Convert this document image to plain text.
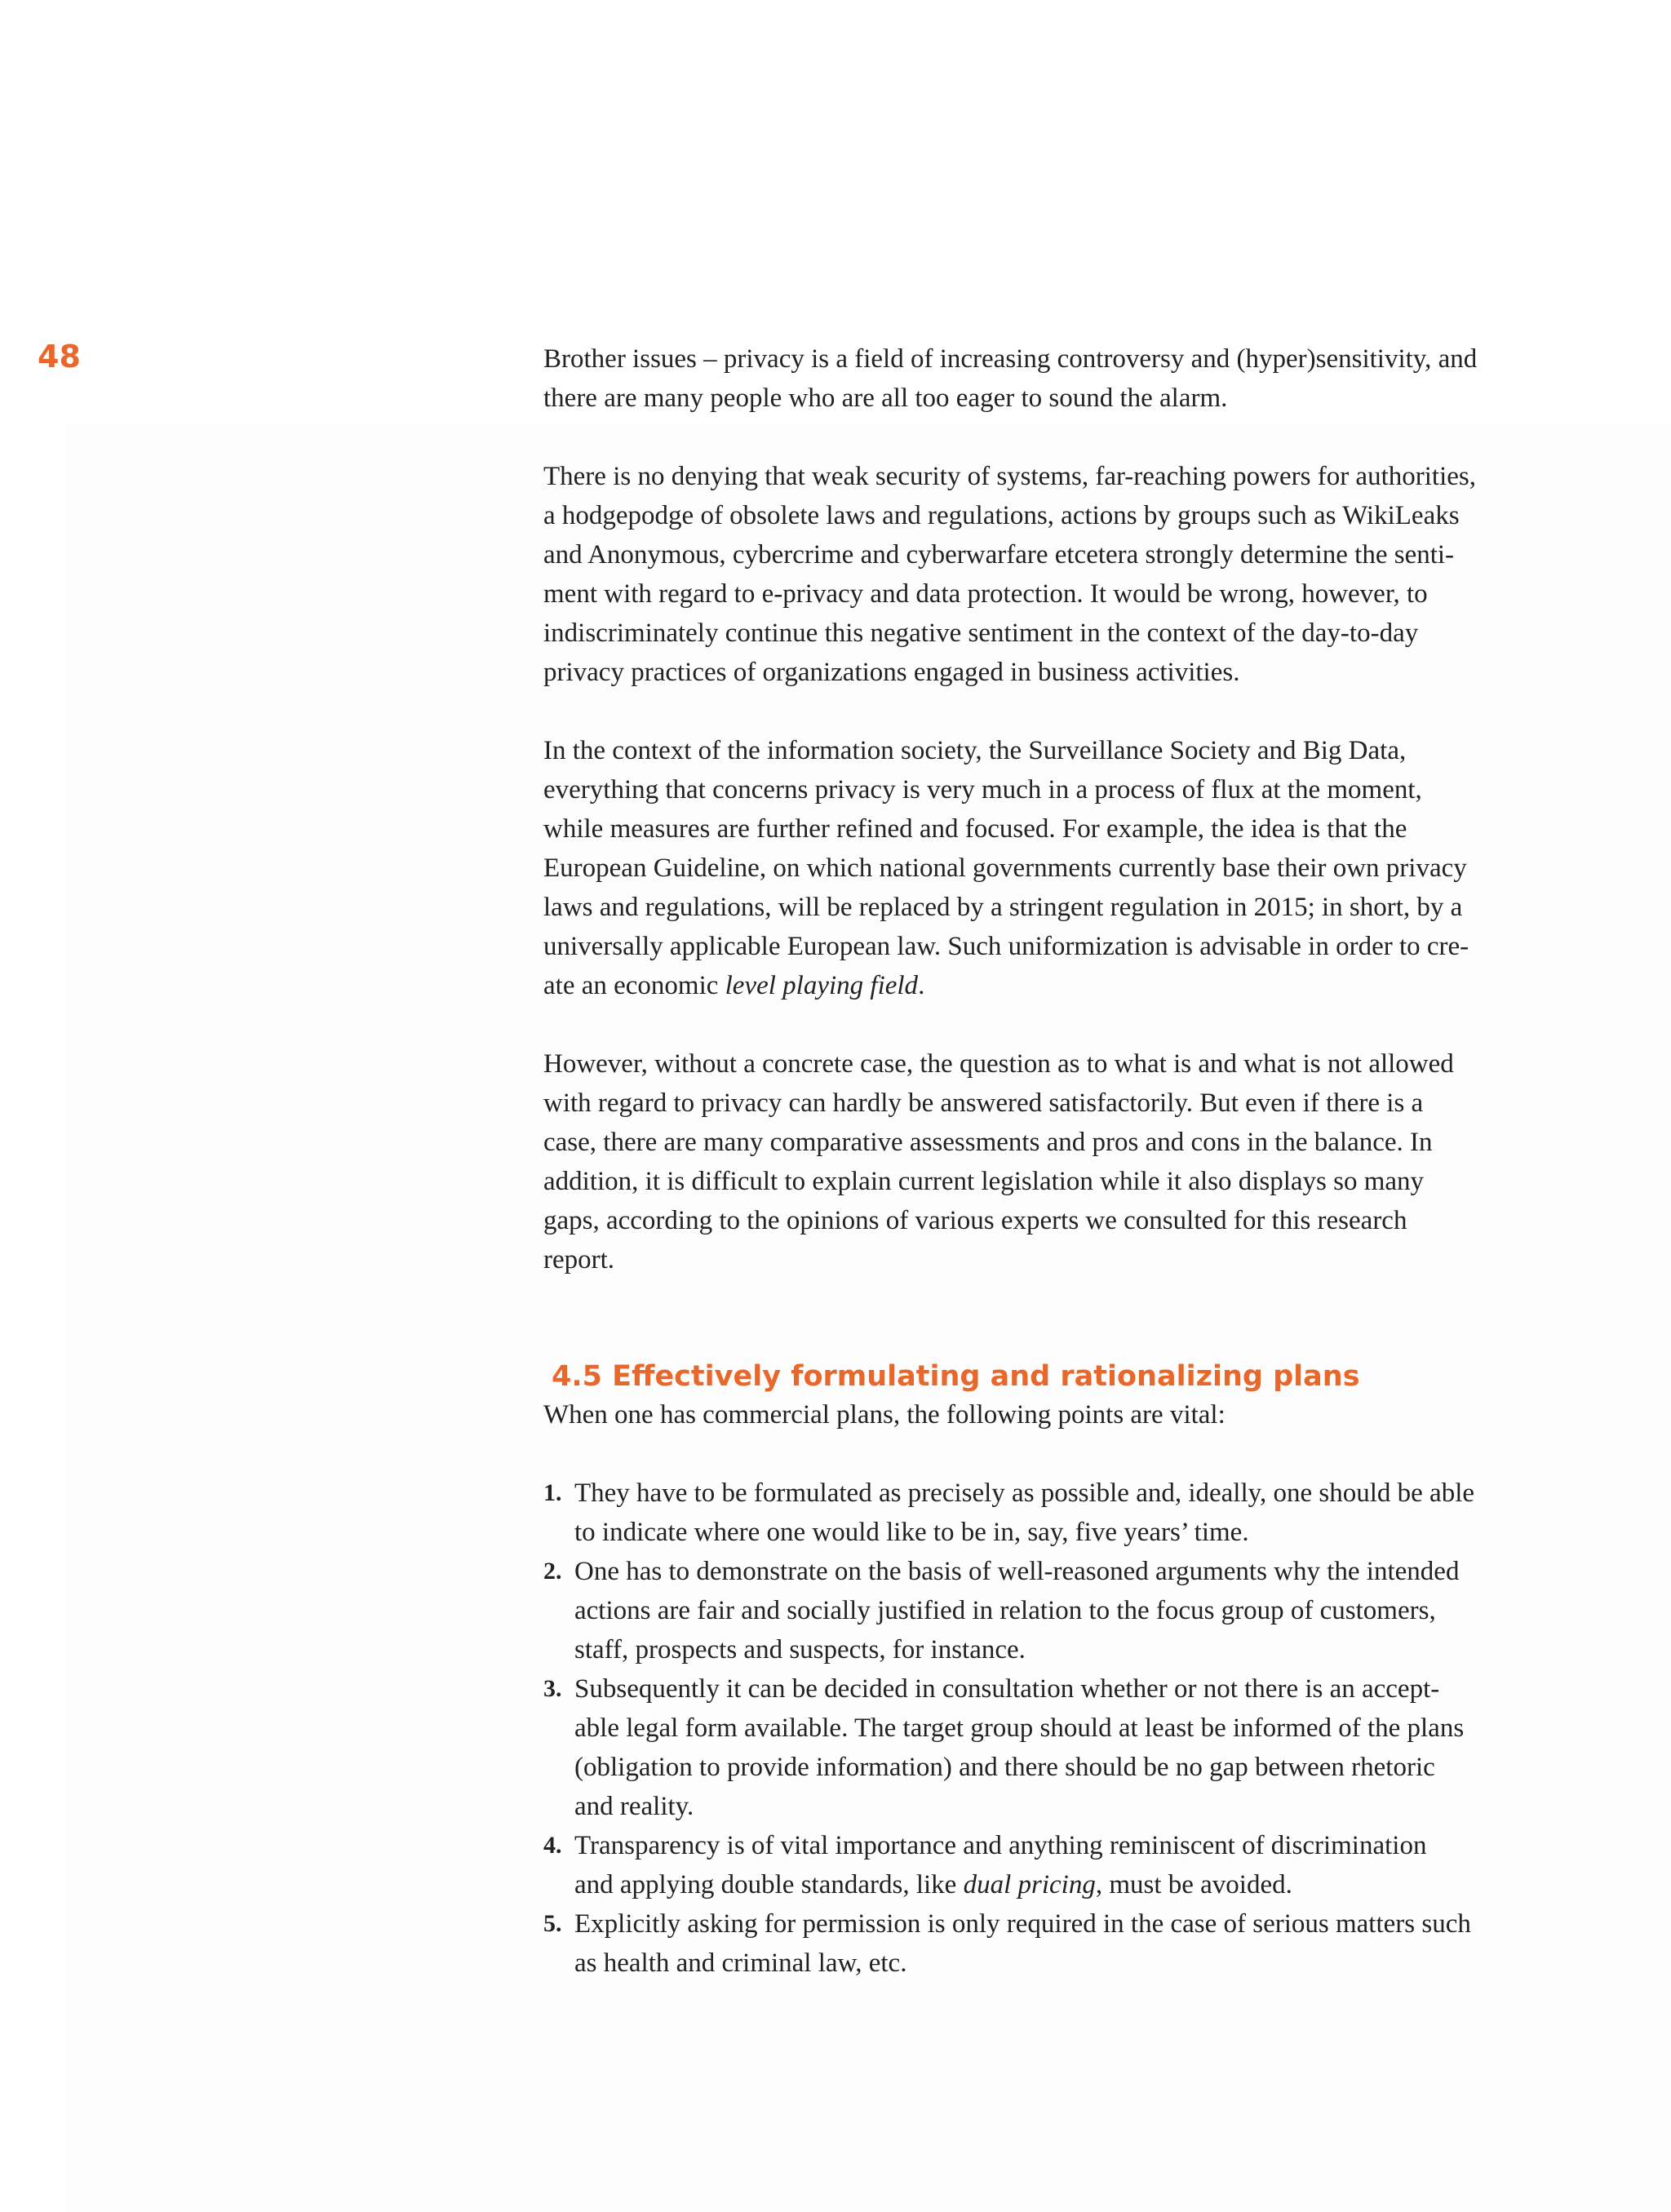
48	Brother issues – privacy is a field of increasing controversy and (hyper)sensitivity, and
there are many people who are all too eager to sound the alarm.

There is no denying that weak security of systems, far-reaching powers for authorities,
a hodgepodge of obsolete laws and regulations, actions by groups such as WikiLeaks
and Anonymous, cybercrime and cyberwarfare etcetera strongly determine the senti-
ment with regard to e-privacy and data protection. It would be wrong, however, to
indiscriminately continue this negative sentiment in the context of the day-to-day
privacy practices of organizations engaged in business activities.

In the context of the information society, the Surveillance Society and Big Data,
everything that concerns privacy is very much in a process of flux at the moment,
while measures are further refined and focused. For example, the idea is that the
European Guideline, on which national governments currently base their own privacy
laws and regulations, will be replaced by a stringent regulation in 2015; in short, by a
universally applicable European law. Such uniformization is advisable in order to cre-
ate an economic level playing field.

However, without a concrete case, the question as to what is and what is not allowed
with regard to privacy can hardly be answered satisfactorily. But even if there is a
case, there are many comparative assessments and pros and cons in the balance. In
addition, it is difficult to explain current legislation while it also displays so many
gaps, according to the opinions of various experts we consulted for this research
report.

4.5 Effectively formulating and rationalizing plans

When one has commercial plans, the following points are vital:

1. They have to be formulated as precisely as possible and, ideally, one should be able
to indicate where one would like to be in, say, five years’ time.
2. One has to demonstrate on the basis of well-reasoned arguments why the intended
actions are fair and socially justified in relation to the focus group of customers,
staff, prospects and suspects, for instance.
3. Subsequently it can be decided in consultation whether or not there is an accept-
able legal form available. The target group should at least be informed of the plans
(obligation to provide information) and there should be no gap between rhetoric
and reality.
4. Transparency is of vital importance and anything reminiscent of discrimination
and applying double standards, like dual pricing, must be avoided.
5. Explicitly asking for permission is only required in the case of serious matters such
as health and criminal law, etc.
